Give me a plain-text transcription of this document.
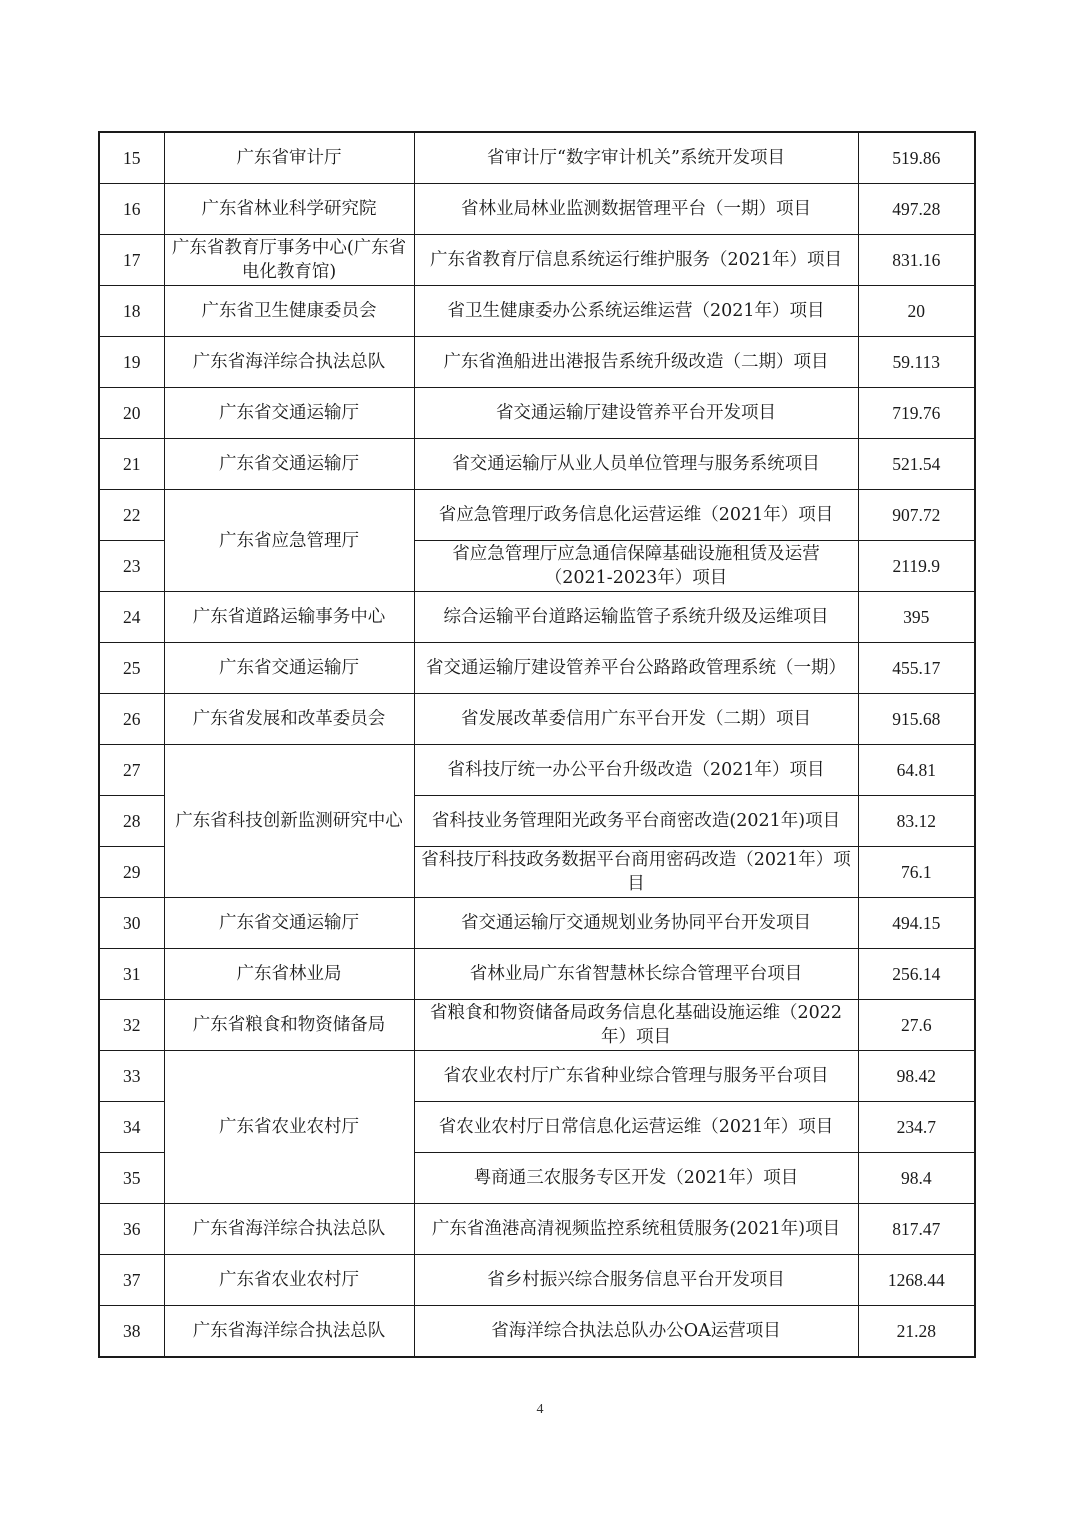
15	广东省审计厅	省审计厅“数字审计机关”系统开发项目	519.86
16	广东省林业科学研究院	省林业局林业监测数据管理平台（一期）项目	497.28
17	广东省教育厅事务中心(广东省电化教育馆)	广东省教育厅信息系统运行维护服务（2021年）项目	831.16
18	广东省卫生健康委员会	省卫生健康委办公系统运维运营（2021年）项目	20
19	广东省海洋综合执法总队	广东省渔船进出港报告系统升级改造（二期）项目	59.113
20	广东省交通运输厅	省交通运输厅建设管养平台开发项目	719.76
21	广东省交通运输厅	省交通运输厅从业人员单位管理与服务系统项目	521.54
22	广东省应急管理厅	省应急管理厅政务信息化运营运维（2021年）项目	907.72
23		省应急管理厅应急通信保障基础设施租赁及运营（2021-2023年）项目	2119.9
24	广东省道路运输事务中心	综合运输平台道路运输监管子系统升级及运维项目	395
25	广东省交通运输厅	省交通运输厅建设管养平台公路路政管理系统（一期）	455.17
26	广东省发展和改革委员会	省发展改革委信用广东平台开发（二期）项目	915.68
27	广东省科技创新监测研究中心	省科技厅统一办公平台升级改造（2021年）项目	64.81
28		省科技业务管理阳光政务平台商密改造(2021年)项目	83.12
29		省科技厅科技政务数据平台商用密码改造（2021年）项目	76.1
30	广东省交通运输厅	省交通运输厅交通规划业务协同平台开发项目	494.15
31	广东省林业局	省林业局广东省智慧林长综合管理平台项目	256.14
32	广东省粮食和物资储备局	省粮食和物资储备局政务信息化基础设施运维（2022年）项目	27.6
33	广东省农业农村厅	省农业农村厅广东省种业综合管理与服务平台项目	98.42
34		省农业农村厅日常信息化运营运维（2021年）项目	234.7
35		粤商通三农服务专区开发（2021年）项目	98.4
36	广东省海洋综合执法总队	广东省渔港高清视频监控系统租赁服务(2021年)项目	817.47
37	广东省农业农村厅	省乡村振兴综合服务信息平台开发项目	1268.44
38	广东省海洋综合执法总队	省海洋综合执法总队办公OA运营项目	21.28
4
